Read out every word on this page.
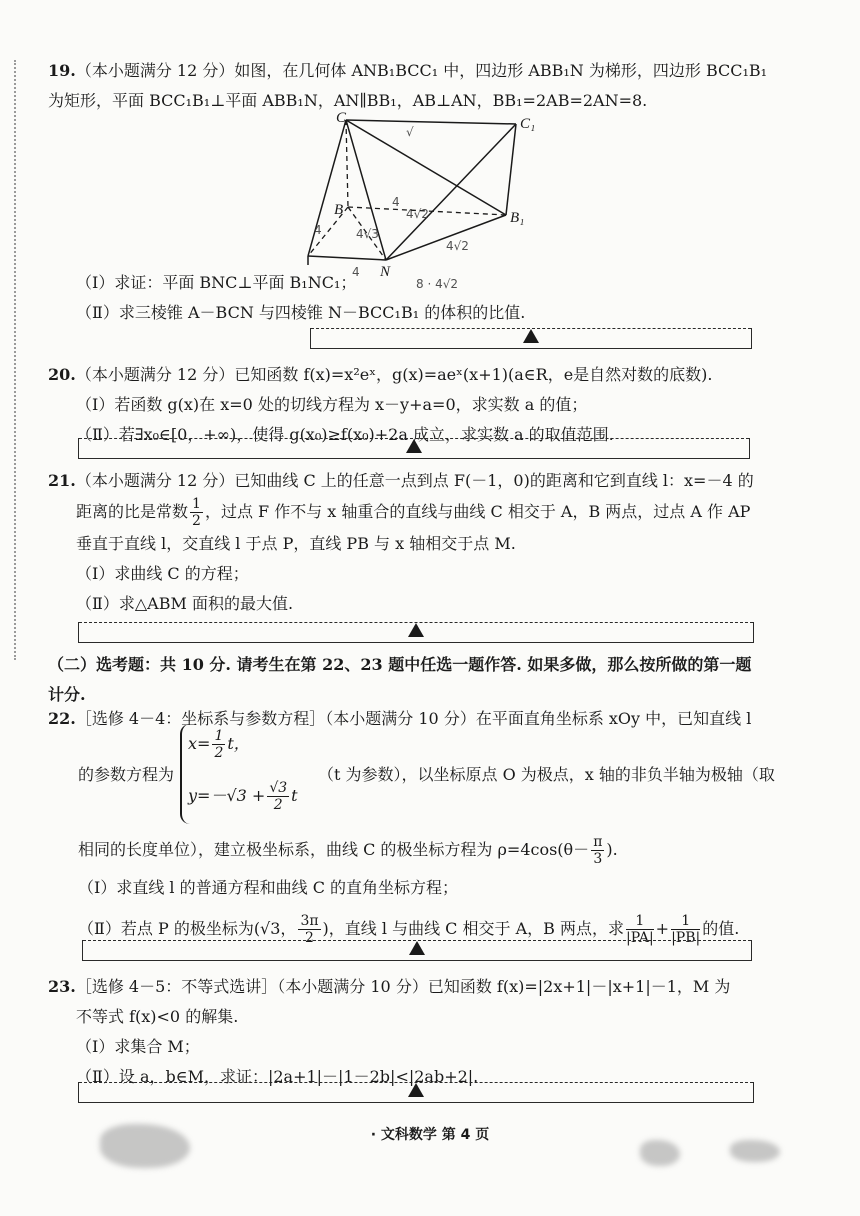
19.（本小题满分 12 分）如图，在几何体 ANB₁BCC₁ 中，四边形 ABB₁N 为梯形，四边形 BCC₁B₁
为矩形，平面 BCC₁B₁⊥平面 ABB₁N，AN∥BB₁，AB⊥AN，BB₁=2AB=2AN=8.
C	C₁
B	B₁
N
4
4
4√2
8 · 4√2
4√3
4
√
4√2
（Ⅰ）求证：平面 BNC⊥平面 B₁NC₁；
（Ⅱ）求三棱锥 A－BCN 与四棱锥 N－BCC₁B₁ 的体积的比值.
20.（本小题满分 12 分）已知函数 f(x)=x²eˣ，g(x)=aeˣ(x+1)(a∈R，e是自然对数的底数).
（Ⅰ）若函数 g(x)在 x=0 处的切线方程为 x－y+a=0，求实数 a 的值；
（Ⅱ）若∃x₀∈[0，+∞)，使得 g(x₀)≥f(x₀)+2a 成立，求实数 a 的取值范围.
21.（本小题满分 12 分）已知曲线 C 上的任意一点到点 F(－1，0)的距离和它到直线 l：x=－4 的
距离的比是常数 $\frac{1}{2}$ ，过点 F 作不与 x 轴重合的直线与曲线 C 相交于 A，B 两点，过点 A 作 AP
垂直于直线 l，交直线 l 于点 P，直线 PB 与 x 轴相交于点 M.
（Ⅰ）求曲线 C 的方程；
（Ⅱ）求△ABM 面积的最大值.
（二）选考题：共 10 分. 请考生在第 22、23 题中任选一题作答. 如果多做，那么按所做的第一题
计分.
22.［选修 4－4：坐标系与参数方程］（本小题满分 10 分）在平面直角坐标系 xOy 中，已知直线 l
的参数方程为
$x= \frac{1}{2}$ t，
$y=-√3 + \frac{√3}{2}$ t
（t 为参数），以坐标原点 O 为极点，x 轴的非负半轴为极轴（取
相同的长度单位），建立极坐标系，曲线 C 的极坐标方程为 $\rho=4\cos(\theta- \frac{\pi}{3}$ ).
（Ⅰ）求直线 l 的普通方程和曲线 C 的直角坐标方程；
（Ⅱ）若点 P 的极坐标为(√3， $\frac{3\pi}{2}$ )，直线 l 与曲线 C 相交于 A，B 两点，求 $\frac{1}{|PA|} + \frac{1}{|PB|}$ 的值.
23.［选修 4－5：不等式选讲］（本小题满分 10 分）已知函数 f(x)=|2x+1|－|x+1|－1，M 为
不等式 f(x)<0 的解集.
（Ⅰ）求集合 M；
（Ⅱ）设 a，b∈M，求证：|2a+1|－|1－2b|<|2ab+2|.
· 文科数学 第 4 页
